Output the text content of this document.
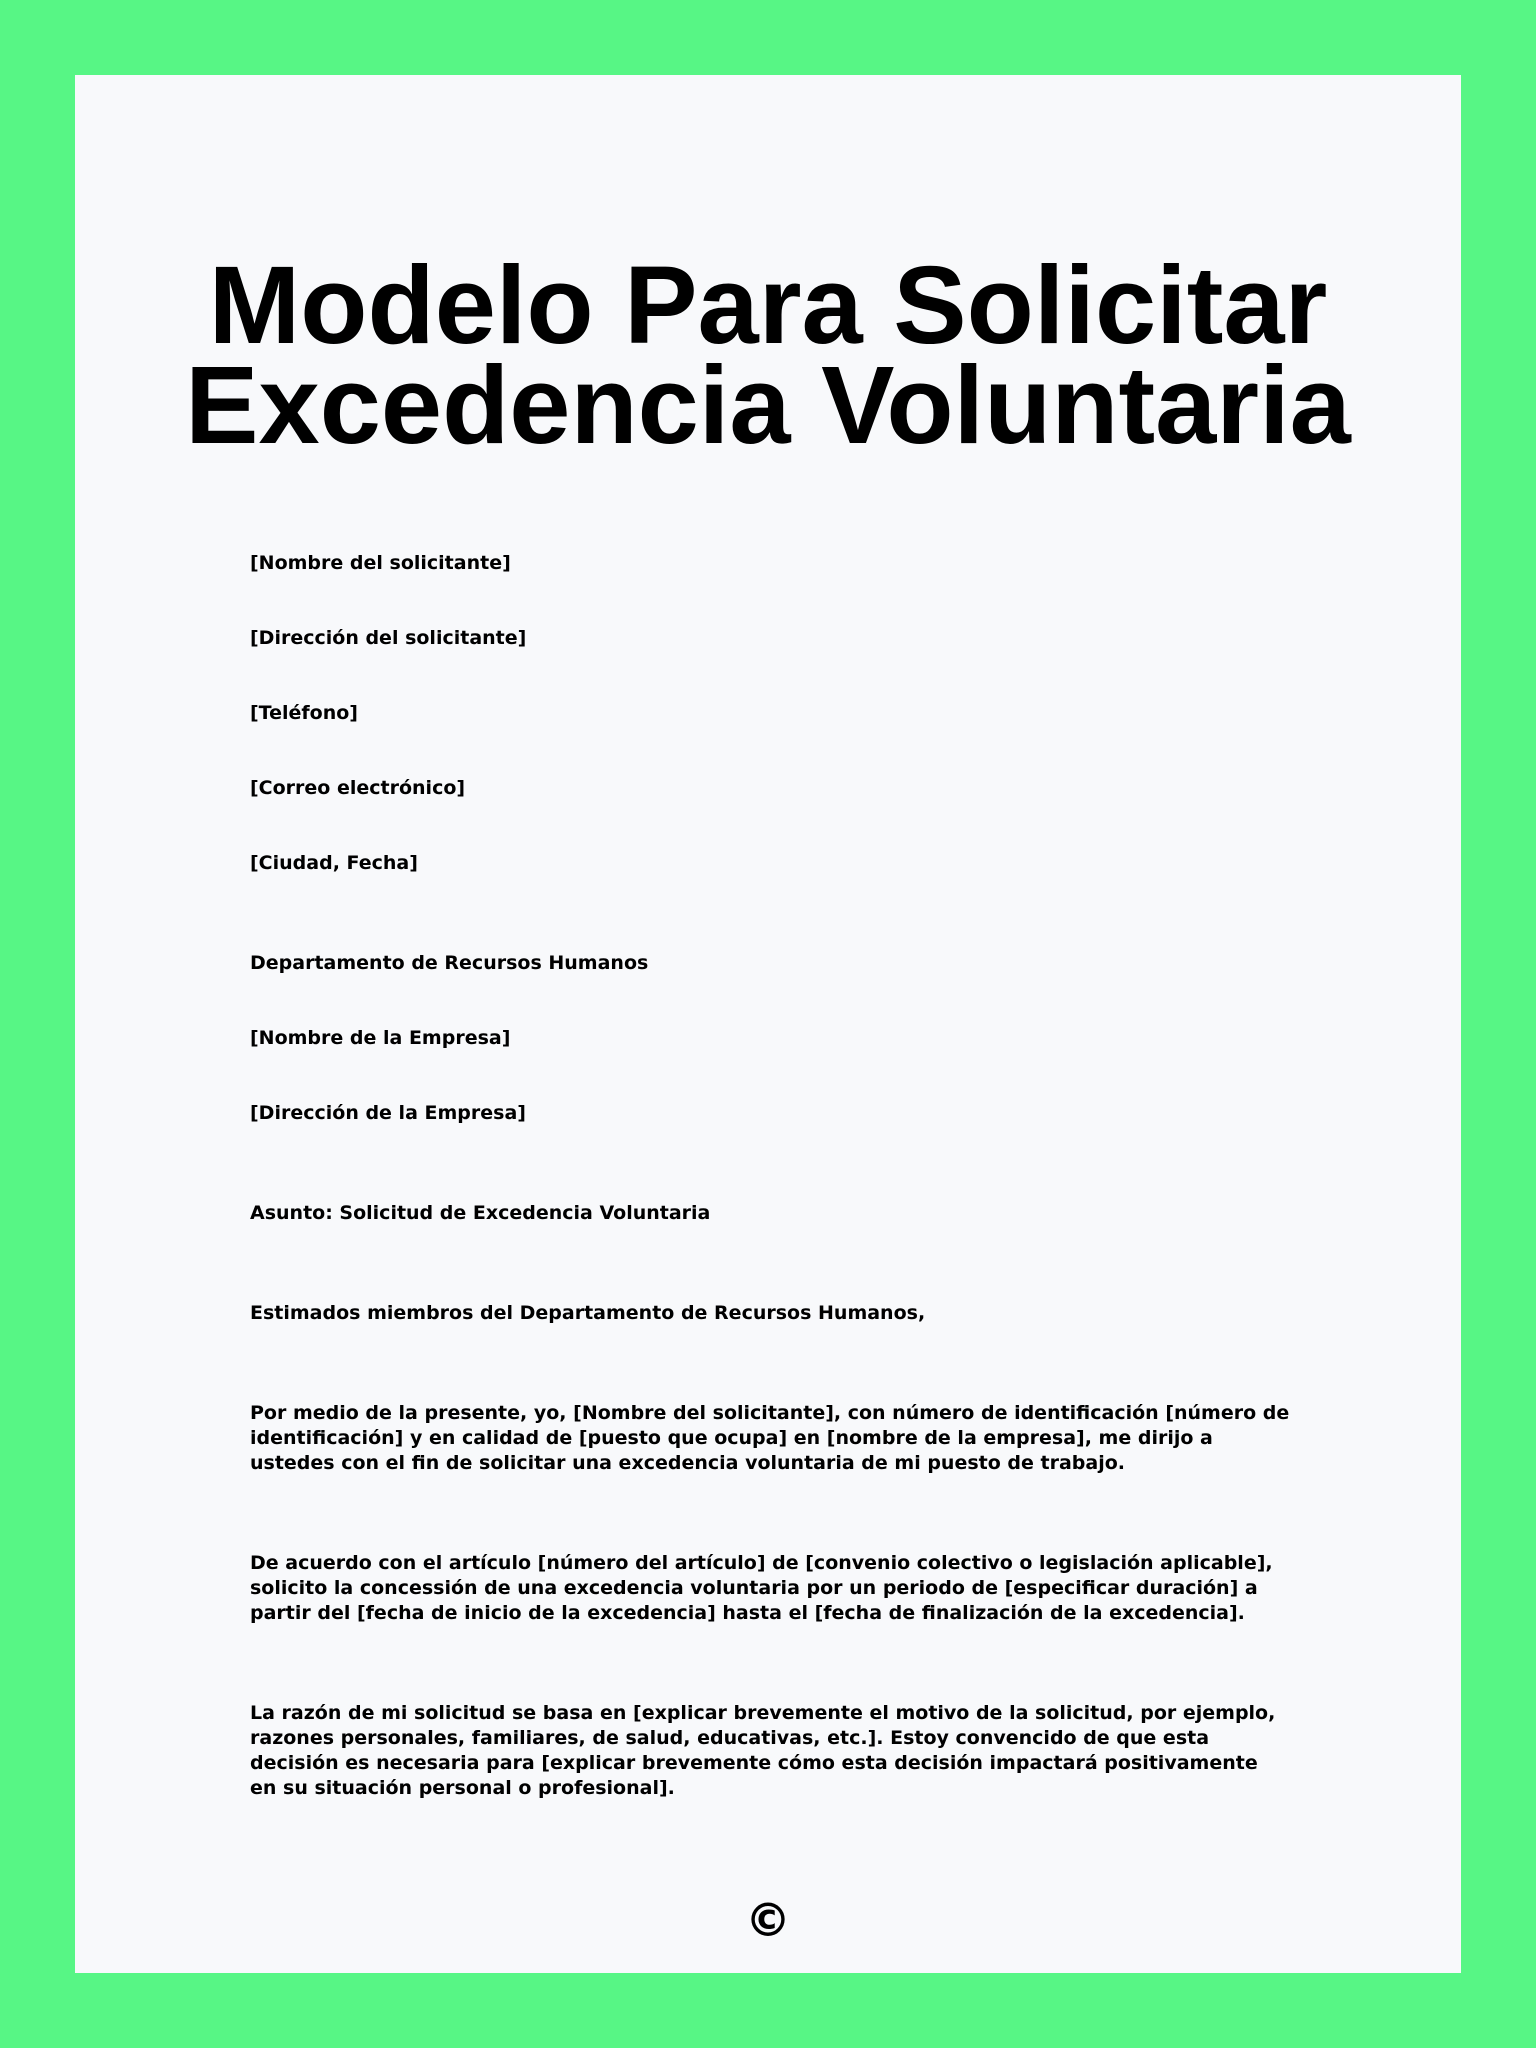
Modelo Para Solicitar
Excedencia Voluntaria
[Nombre del solicitante]
[Dirección del solicitante]
[Teléfono]
[Correo electrónico]
[Ciudad, Fecha]
Departamento de Recursos Humanos
[Nombre de la Empresa]
[Dirección de la Empresa]
Asunto: Solicitud de Excedencia Voluntaria
Estimados miembros del Departamento de Recursos Humanos,

Por medio de la presente, yo, [Nombre del solicitante], con número de identificación [número de identificación] y en calidad de [puesto que ocupa] en [nombre de la empresa], me dirijo a ustedes con el fin de solicitar una excedencia voluntaria de mi puesto de trabajo.

De acuerdo con el artículo [número del artículo] de [convenio colectivo o legislación aplicable], solicito la concessión de una excedencia voluntaria por un periodo de [especificar duración] a partir del [fecha de inicio de la excedencia] hasta el [fecha de finalización de la excedencia].

La razón de mi solicitud se basa en [explicar brevemente el motivo de la solicitud, por ejemplo, razones personales, familiares, de salud, educativas, etc.]. Estoy convencido de que esta decisión es necesaria para [explicar brevemente cómo esta decisión impactará positivamente en su situación personal o profesional].

©
